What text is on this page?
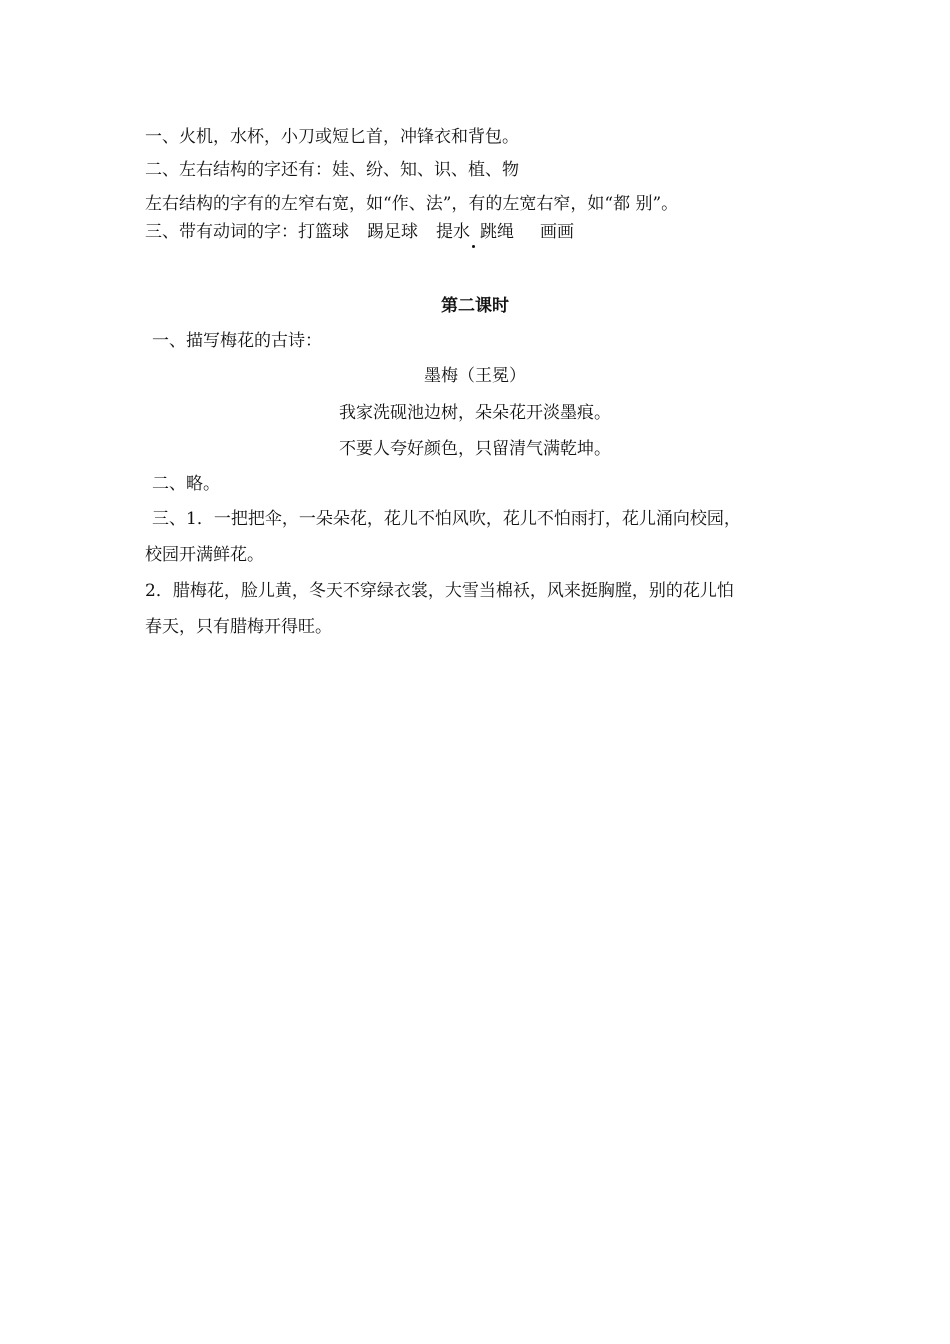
一、火机，水杯，小刀或短匕首，冲锋衣和背包。
二、左右结构的字还有：娃、纷、知、识、植、物
左右结构的字有的左窄右宽，如“作、法”，有的左宽右窄，如“都 别”。
三、带有动词的字：打篮球 踢足球 提水 跳绳 画画
第二课时
一、描写梅花的古诗：
墨梅（王冕）
我家洗砚池边树，朵朵花开淡墨痕。
不要人夸好颜色，只留清气满乾坤。
二、略。
三、1．一把把伞，一朵朵花，花儿不怕风吹，花儿不怕雨打，花儿涌向校园，
校园开满鲜花。
2．腊梅花，脸儿黄，冬天不穿绿衣裳，大雪当棉袄，风来挺胸膛，别的花儿怕
春天，只有腊梅开得旺。
